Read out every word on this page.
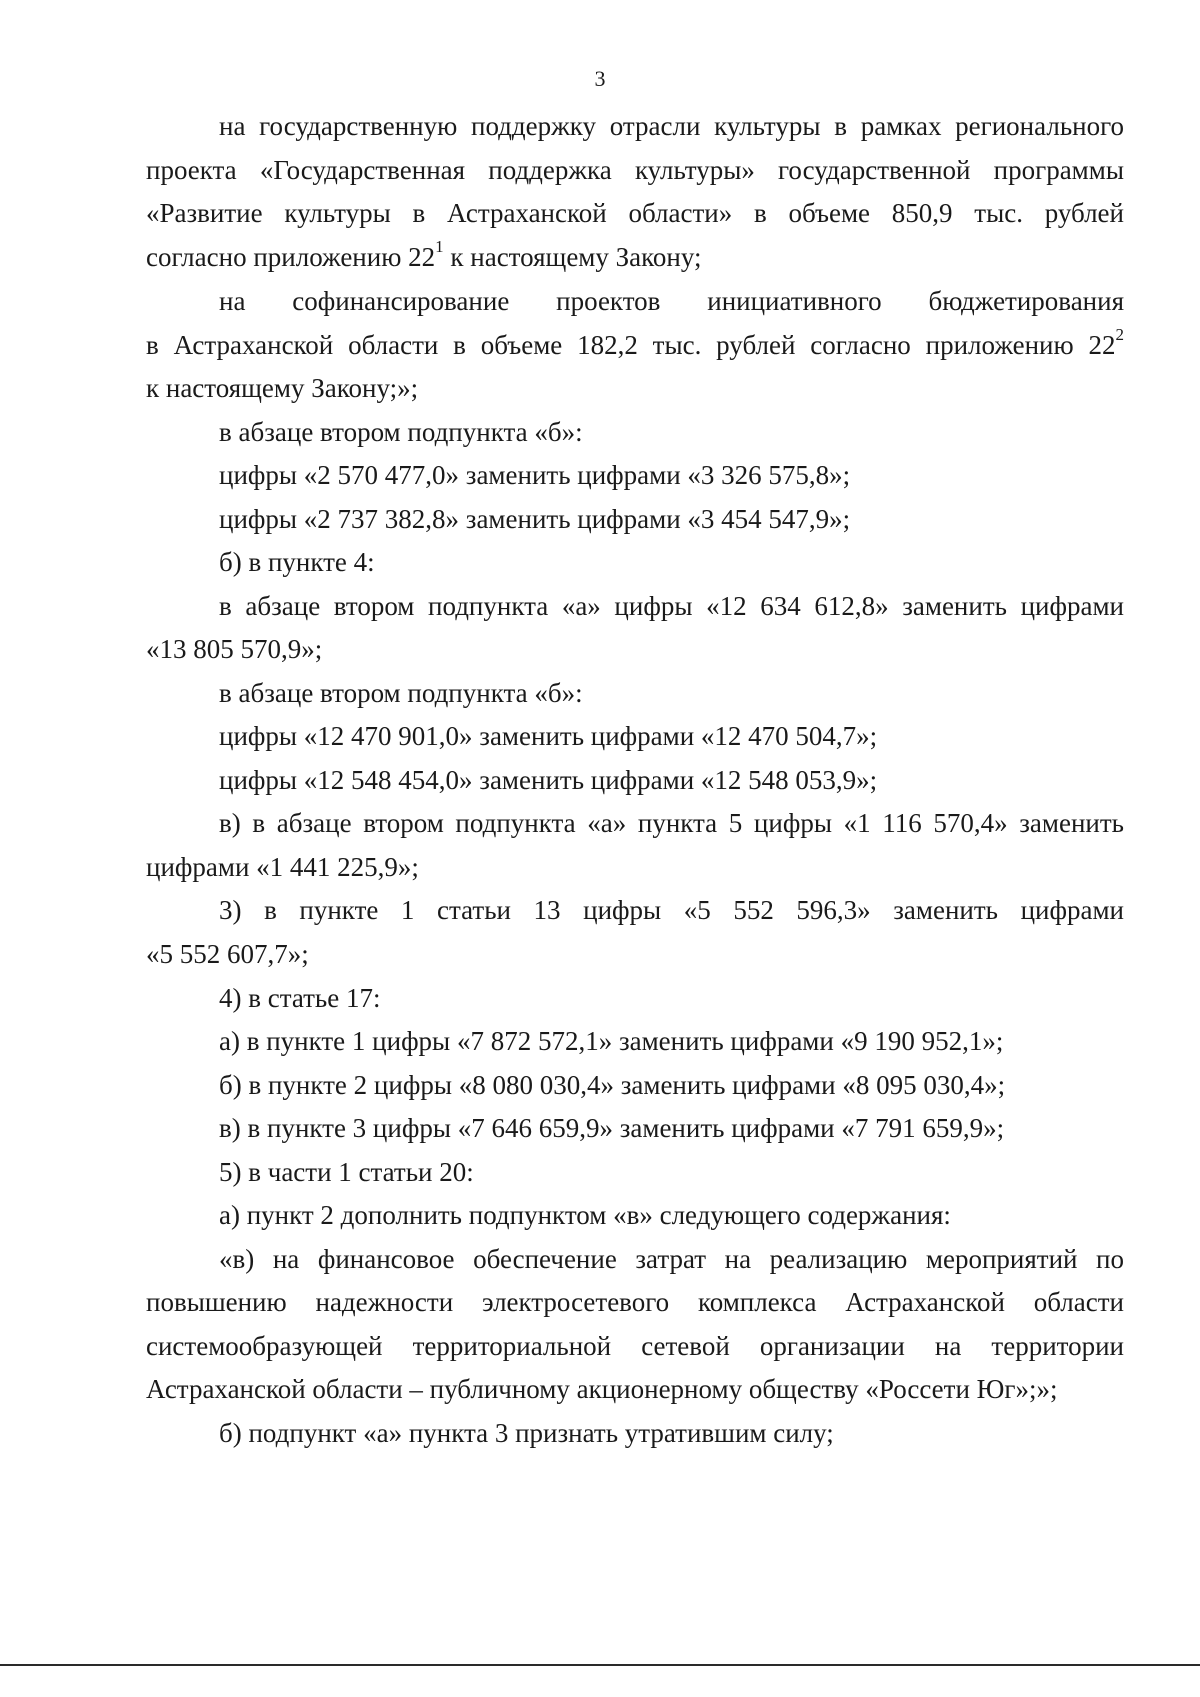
3
на государственную поддержку отрасли культуры в рамках регионального
проекта «Государственная поддержка культуры» государственной программы
«Развитие культуры в Астраханской области» в объеме 850,9 тыс. рублей
согласно приложению $22^1$ к настоящему Закону;
на софинансирование проектов инициативного бюджетирования
в Астраханской области в объеме 182,2 тыс. рублей согласно приложению $22^2$
к настоящему Закону;»;
в абзаце втором подпункта «б»:
цифры «2 570 477,0» заменить цифрами «3 326 575,8»;
цифры «2 737 382,8» заменить цифрами «3 454 547,9»;
б) в пункте 4:
в абзаце втором подпункта «а» цифры «12 634 612,8» заменить цифрами
«13 805 570,9»;
в абзаце втором подпункта «б»:
цифры «12 470 901,0» заменить цифрами «12 470 504,7»;
цифры «12 548 454,0» заменить цифрами «12 548 053,9»;
в) в абзаце втором подпункта «а» пункта 5 цифры «1 116 570,4» заменить
цифрами «1 441 225,9»;
3) в пункте 1 статьи 13 цифры «5 552 596,3» заменить цифрами
«5 552 607,7»;
4) в статье 17:
а) в пункте 1 цифры «7 872 572,1» заменить цифрами «9 190 952,1»;
б) в пункте 2 цифры «8 080 030,4» заменить цифрами «8 095 030,4»;
в) в пункте 3 цифры «7 646 659,9» заменить цифрами «7 791 659,9»;
5) в части 1 статьи 20:
а) пункт 2 дополнить подпунктом «в» следующего содержания:
«в) на финансовое обеспечение затрат на реализацию мероприятий по
повышению надежности электросетевого комплекса Астраханской области
системообразующей территориальной сетевой организации на территории
Астраханской области – публичному акционерному обществу «Россети Юг»;»;
б) подпункт «а» пункта 3 признать утратившим силу;
